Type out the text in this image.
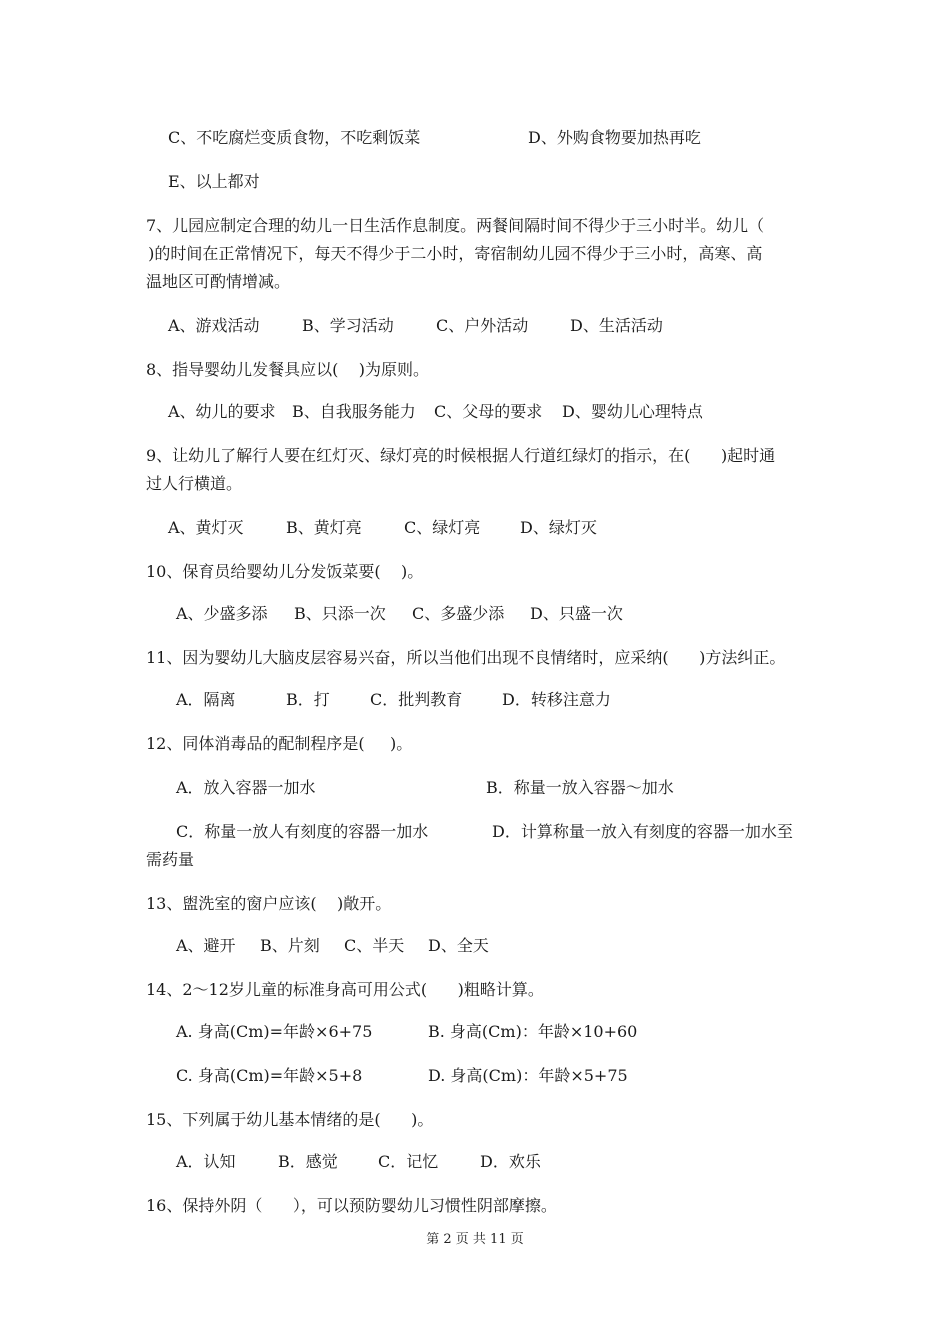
C、不吃腐烂变质食物，不吃剩饭菜	D、外购食物要加热再吃
E、以上都对
7、儿园应制定合理的幼儿一日生活作息制度。两餐间隔时间不得少于三小时半。幼儿（
)的时间在正常情况下，每天不得少于二小时，寄宿制幼儿园不得少于三小时，高寒、高
温地区可酌情增减。
A、游戏活动	B、学习活动	C、户外活动	D、生活活动
8、指导婴幼儿发餐具应以(    )为原则。
A、幼儿的要求 B、自我服务能力 C、父母的要求 D、婴幼儿心理特点
9、让幼儿了解行人要在红灯灭、绿灯亮的时候根据人行道红绿灯的指示，在(      )起时通
过人行横道。
A、黄灯灭	B、黄灯亮	C、绿灯亮 D、绿灯灭
10、保育员给婴幼儿分发饭菜要(    )。
A、少盛多添 B、只添一次 C、多盛少添 D、只盛一次
11、因为婴幼儿大脑皮层容易兴奋，所以当他们出现不良情绪时，应采纳(      )方法纠正。
A．隔离	B．打	C．批判教育 D．转移注意力
12、同体消毒品的配制程序是(     )。
A．放入容器一加水	B．称量一放入容器～加水
C．称量一放人有刻度的容器一加水	D．计算称量一放入有刻度的容器一加水至
需药量
13、盥洗室的窗户应该(    )敞开。
A、避开 B、片刻 C、半天 D、全天
14、2～12岁儿童的标准身高可用公式(      )粗略计算。
A. 身高(Cm)=年龄×6+75	B. 身高(Cm)：年龄×10+60
C. 身高(Cm)=年龄×5+8	D. 身高(Cm)：年龄×5+75
15、下列属于幼儿基本情绪的是(      )。
A．认知	B．感觉	C．记忆	D．欢乐
16、保持外阴（      ），可以预防婴幼儿习惯性阴部摩擦。
第 2 页 共 11 页
